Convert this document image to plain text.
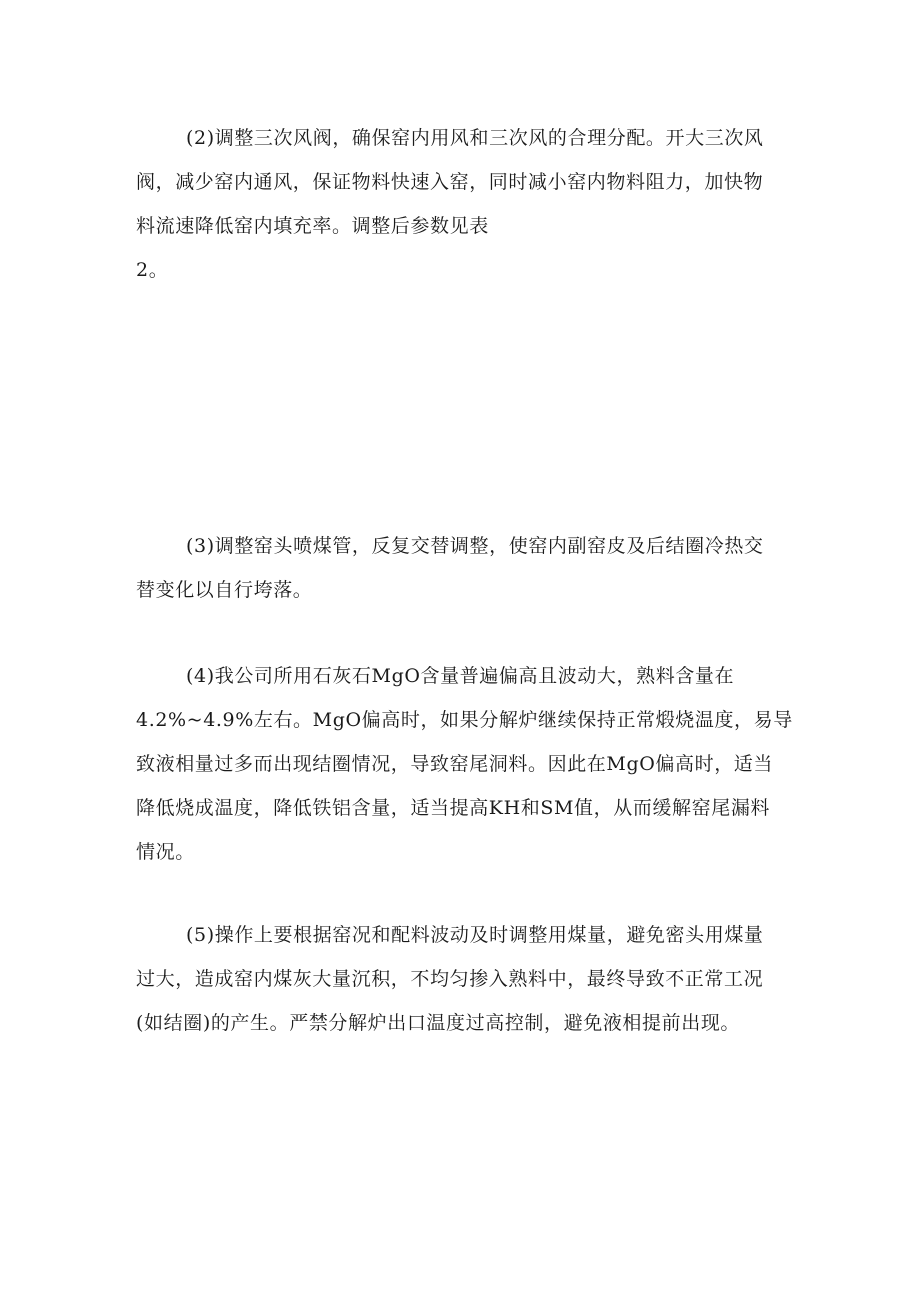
(2)调整三次风阀，确保窑内用风和三次风的合理分配。开大三次风
阀，减少窑内通风，保证物料快速入窑，同时减小窑内物料阻力，加快物
料流速降低窑内填充率。调整后参数见表
2。
(3)调整窑头喷煤管，反复交替调整，使窑内副窑皮及后结圈冷热交
替变化以自行垮落。
(4)我公司所用石灰石MgO含量普遍偏高且波动大，熟料含量在
4.2%~4.9%左右。MgO偏高时，如果分解炉继续保持正常煅烧温度，易导
致液相量过多而出现结圈情况，导致窑尾洞料。因此在MgO偏高时，适当
降低烧成温度，降低铁铝含量，适当提高KH和SM值，从而缓解窑尾漏料
情况。
(5)操作上要根据窑况和配料波动及时调整用煤量，避免密头用煤量
过大，造成窑内煤灰大量沉积，不均匀掺入熟料中，最终导致不正常工况
(如结圈)的产生。严禁分解炉出口温度过高控制，避免液相提前出现。
